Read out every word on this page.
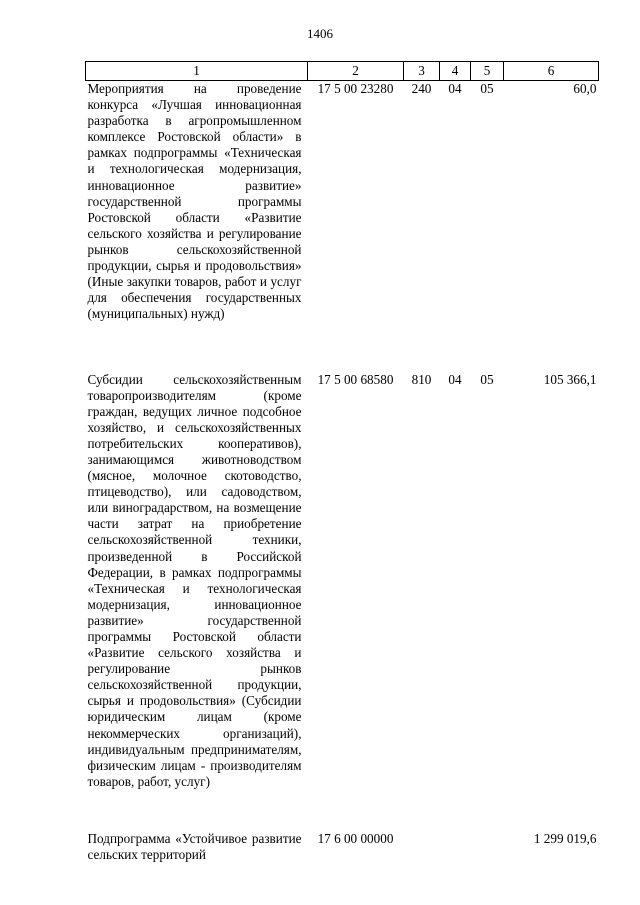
1406
1	2	3	4	5	6
Мероприятия на проведение конкурса «Лучшая инновационная разработка в агропромышленном комплексе Ростовской области» в рамках подпрограммы «Техническая и технологическая модернизация, инновационное развитие» государственной программы Ростовской области «Развитие сельского хозяйства и регулирование рынков сельскохозяйственной продукции, сырья и продовольствия» (Иные закупки товаров, работ и услуг для обеспечения государственных (муниципальных) нужд)	17 5 00 23280	240	04	05	60,0
Субсидии сельскохозяйственным товаропроизводителям (кроме граждан, ведущих личное подсобное хозяйство, и сельскохозяйственных потребительских кооперативов), занимающимся животноводством (мясное, молочное скотоводство, птицеводство), или садоводством, или виноградарством, на возмещение части затрат на приобретение сельскохозяйственной техники, произведенной в Российской Федерации, в рамках подпрограммы «Техническая и технологическая модернизация, инновационное развитие» государственной программы Ростовской области «Развитие сельского хозяйства и регулирование рынков сельскохозяйственной продукции, сырья и продовольствия» (Субсидии юридическим лицам (кроме некоммерческих организаций), индивидуальным предпринимателям, физическим лицам - производителям товаров, работ, услуг)	17 5 00 68580	810	04	05	105 366,1
Подпрограмма «Устойчивое развитие сельских территорий	17 6 00 00000				1 299 019,6
